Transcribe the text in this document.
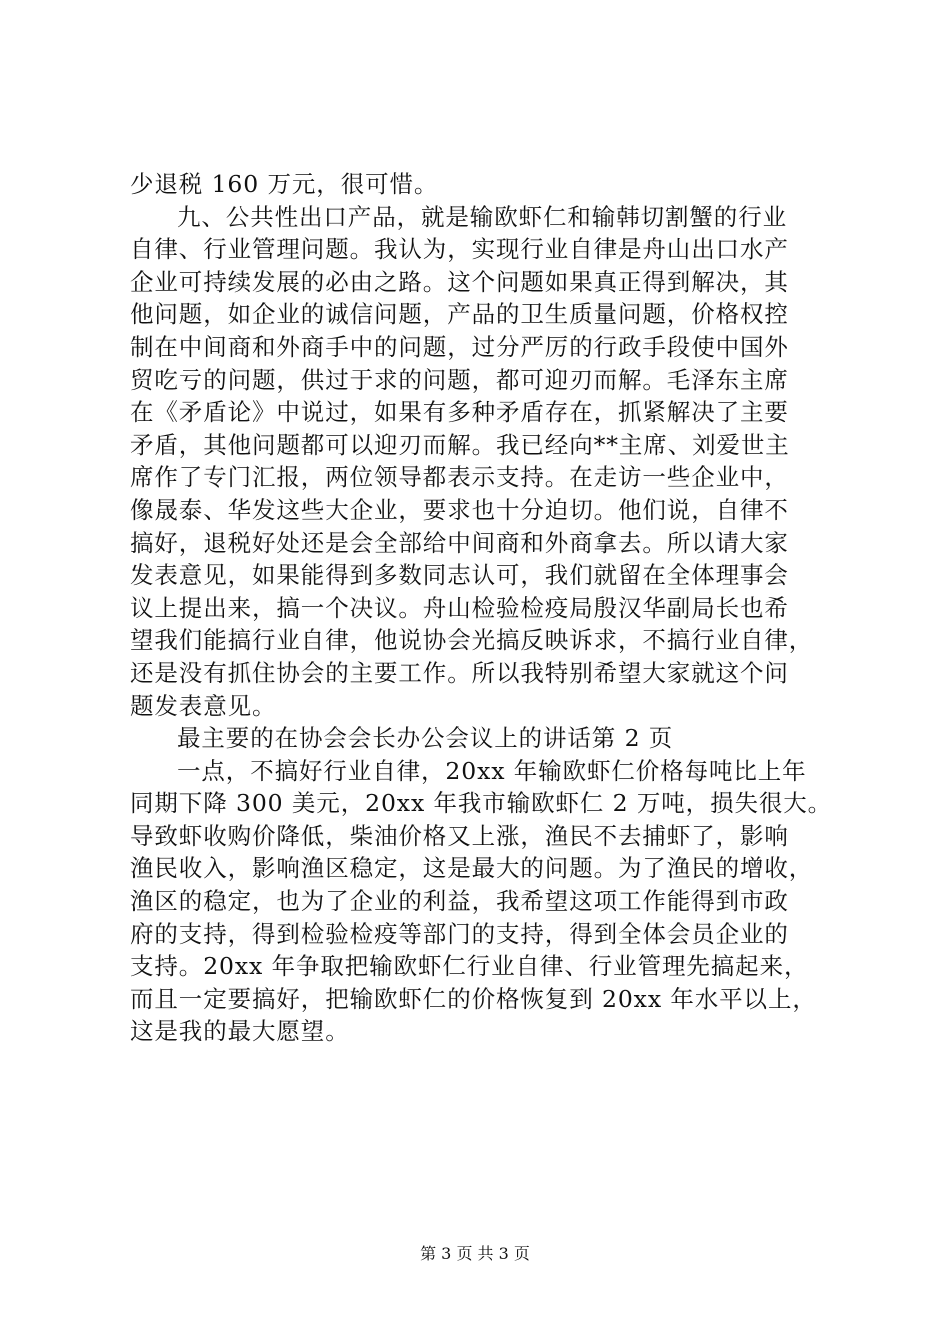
少退税 160 万元，很可惜。
九、公共性出口产品，就是输欧虾仁和输韩切割蟹的行业
自律、行业管理问题。我认为，实现行业自律是舟山出口水产
企业可持续发展的必由之路。这个问题如果真正得到解决，其
他问题，如企业的诚信问题，产品的卫生质量问题，价格权控
制在中间商和外商手中的问题，过分严厉的行政手段使中国外
贸吃亏的问题，供过于求的问题，都可迎刃而解。毛泽东主席
在《矛盾论》中说过，如果有多种矛盾存在，抓紧解决了主要
矛盾，其他问题都可以迎刃而解。我已经向**主席、刘爱世主
席作了专门汇报，两位领导都表示支持。在走访一些企业中，
像晟泰、华发这些大企业，要求也十分迫切。他们说，自律不
搞好，退税好处还是会全部给中间商和外商拿去。所以请大家
发表意见，如果能得到多数同志认可，我们就留在全体理事会
议上提出来，搞一个决议。舟山检验检疫局殷汉华副局长也希
望我们能搞行业自律，他说协会光搞反映诉求，不搞行业自律，
还是没有抓住协会的主要工作。所以我特别希望大家就这个问
题发表意见。
最主要的在协会会长办公会议上的讲话第 2 页
一点，不搞好行业自律，20xx 年输欧虾仁价格每吨比上年
同期下降 300 美元，20xx 年我市输欧虾仁 2 万吨，损失很大。
导致虾收购价降低，柴油价格又上涨，渔民不去捕虾了，影响
渔民收入，影响渔区稳定，这是最大的问题。为了渔民的增收，
渔区的稳定，也为了企业的利益，我希望这项工作能得到市政
府的支持，得到检验检疫等部门的支持，得到全体会员企业的
支持。20xx 年争取把输欧虾仁行业自律、行业管理先搞起来，
而且一定要搞好，把输欧虾仁的价格恢复到 20xx 年水平以上，
这是我的最大愿望。
第 3 页 共 3 页
